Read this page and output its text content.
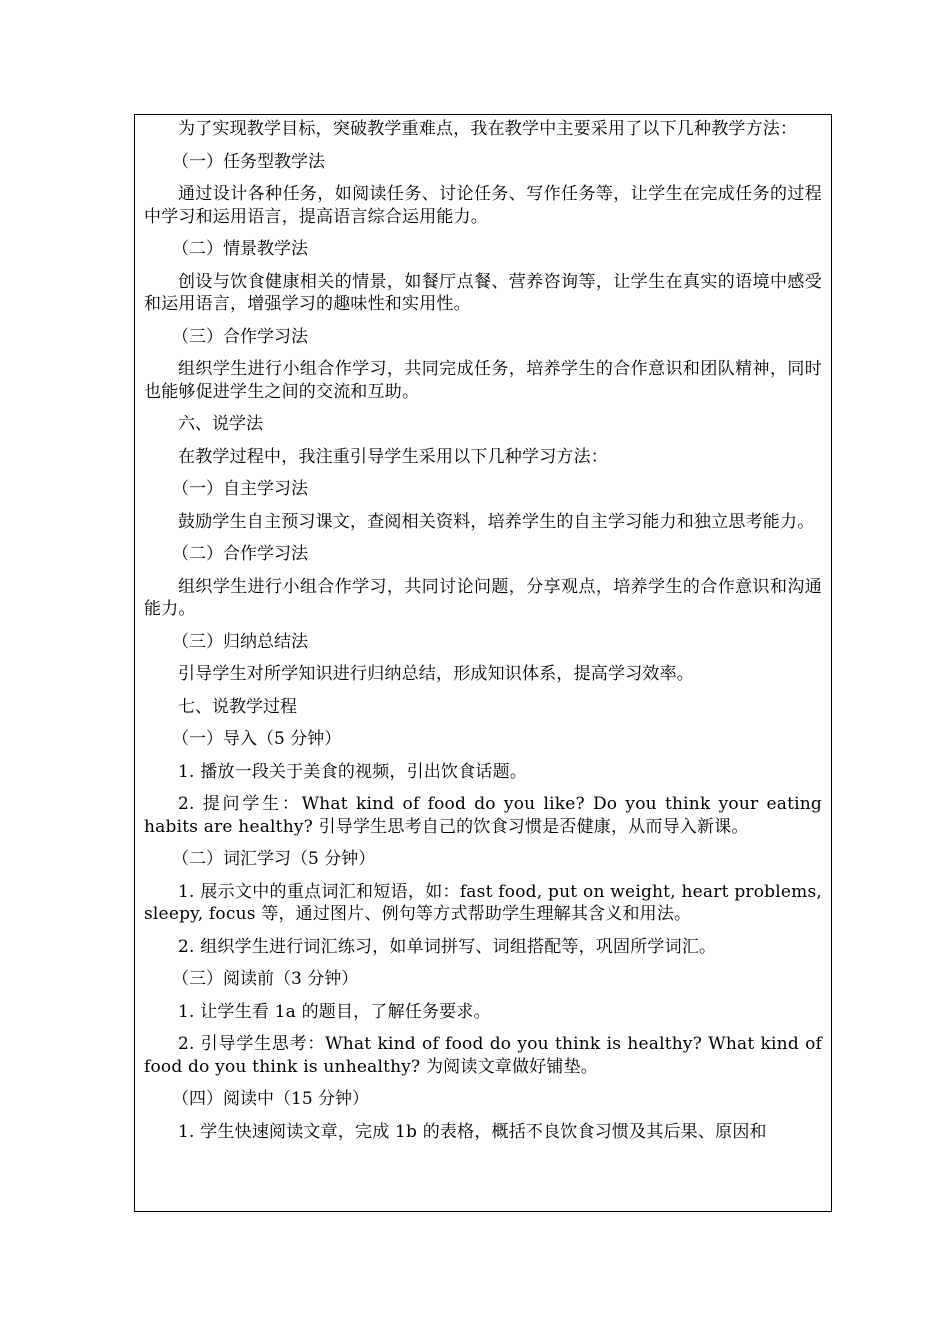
为了实现教学目标，突破教学重难点，我在教学中主要采用了以下几种教学方法：

（一）任务型教学法

通过设计各种任务，如阅读任务、讨论任务、写作任务等，让学生在完成任务的过程中学习和运用语言，提高语言综合运用能力。

（二）情景教学法

创设与饮食健康相关的情景，如餐厅点餐、营养咨询等，让学生在真实的语境中感受和运用语言，增强学习的趣味性和实用性。

（三）合作学习法

组织学生进行小组合作学习，共同完成任务，培养学生的合作意识和团队精神，同时也能够促进学生之间的交流和互助。

六、说学法

在教学过程中，我注重引导学生采用以下几种学习方法：

（一）自主学习法

鼓励学生自主预习课文，查阅相关资料，培养学生的自主学习能力和独立思考能力。

（二）合作学习法

组织学生进行小组合作学习，共同讨论问题，分享观点，培养学生的合作意识和沟通能力。

（三）归纳总结法

引导学生对所学知识进行归纳总结，形成知识体系，提高学习效率。

七、说教学过程

（一）导入（5 分钟）

1. 播放一段关于美食的视频，引出饮食话题。

2. 提问学生：What kind of food do you like? Do you think your eating habits are healthy? 引导学生思考自己的饮食习惯是否健康，从而导入新课。

（二）词汇学习（5 分钟）

1. 展示文中的重点词汇和短语，如：fast food, put on weight, heart problems, sleepy, focus 等，通过图片、例句等方式帮助学生理解其含义和用法。

2. 组织学生进行词汇练习，如单词拼写、词组搭配等，巩固所学词汇。

（三）阅读前（3 分钟）

1. 让学生看 1a 的题目，了解任务要求。

2. 引导学生思考：What kind of food do you think is healthy? What kind of food do you think is unhealthy? 为阅读文章做好铺垫。

（四）阅读中（15 分钟）

1. 学生快速阅读文章，完成 1b 的表格，概括不良饮食习惯及其后果、原因和
